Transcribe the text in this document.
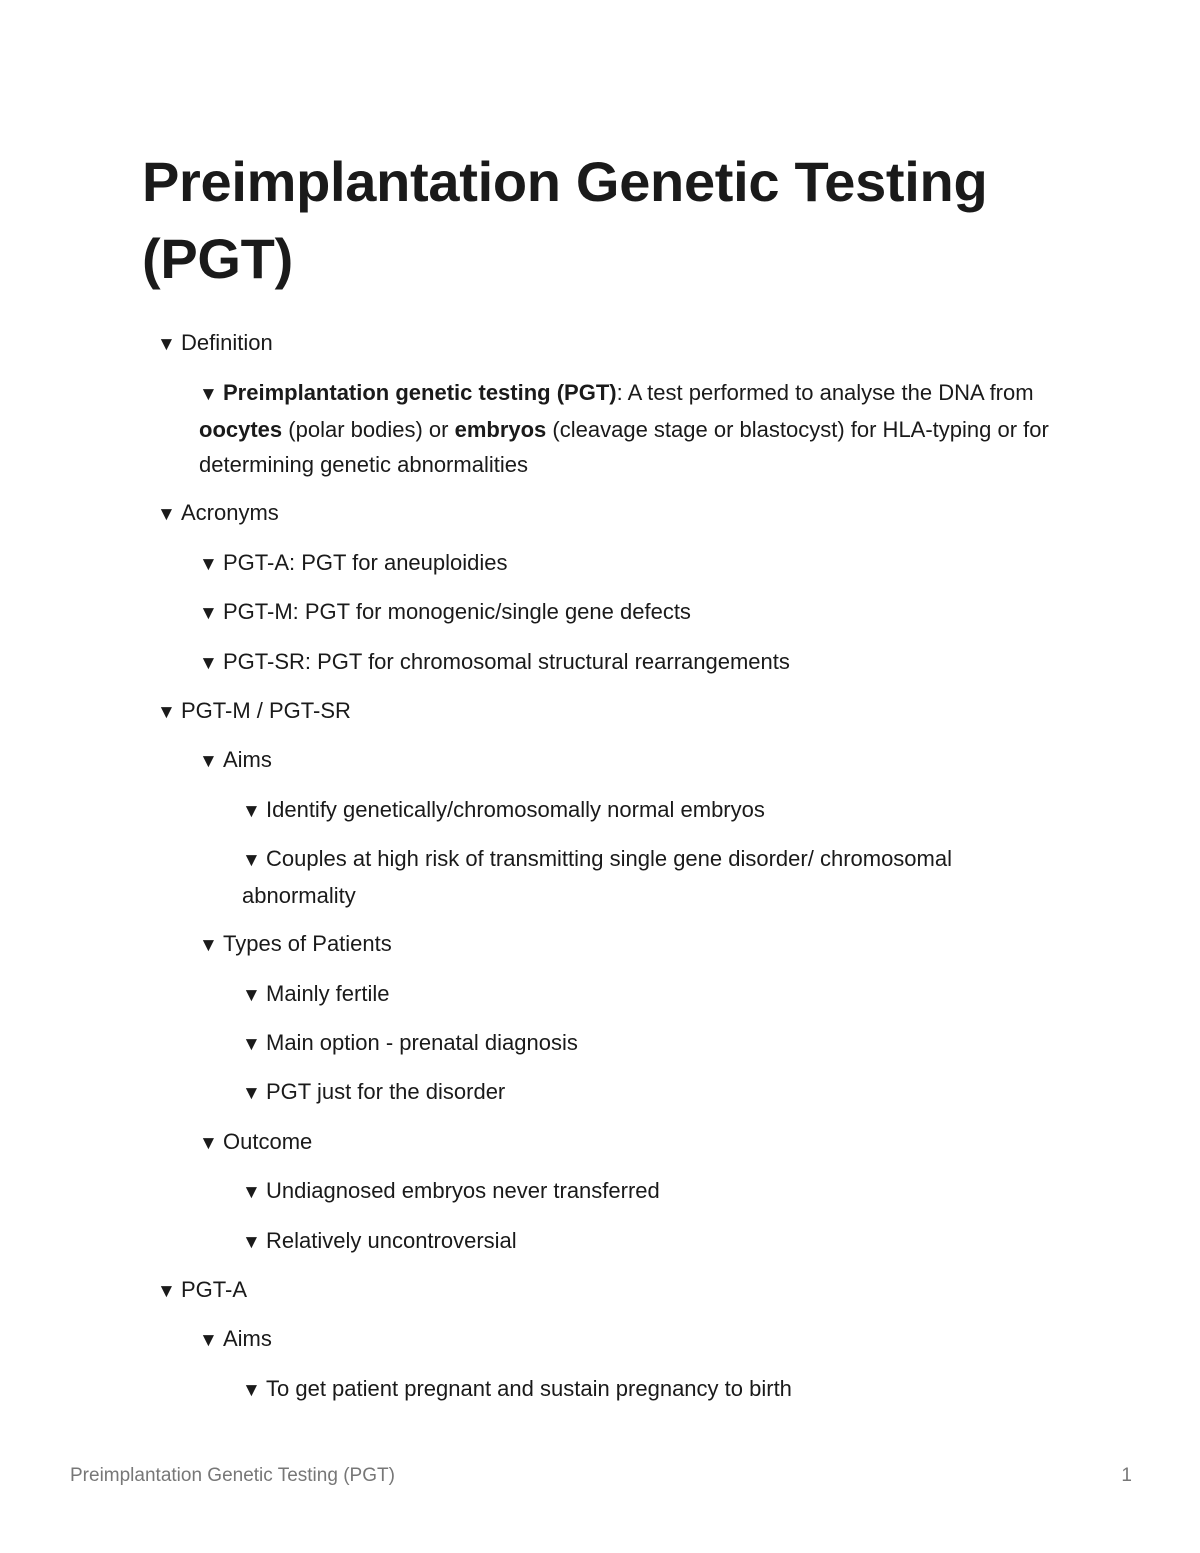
Preimplantation Genetic Testing (PGT)
▼ Definition
▼ Preimplantation genetic testing (PGT): A test performed to analyse the DNA from oocytes (polar bodies) or embryos (cleavage stage or blastocyst) for HLA-typing or for determining genetic abnormalities
▼ Acronyms
▼ PGT-A: PGT for aneuploidies
▼ PGT-M: PGT for monogenic/single gene defects
▼ PGT-SR: PGT for chromosomal structural rearrangements
▼ PGT-M / PGT-SR
▼ Aims
▼ Identify genetically/chromosomally normal embryos
▼ Couples at high risk of transmitting single gene disorder/ chromosomal abnormality
▼ Types of Patients
▼ Mainly fertile
▼ Main option - prenatal diagnosis
▼ PGT just for the disorder
▼ Outcome
▼ Undiagnosed embryos never transferred
▼ Relatively uncontroversial
▼ PGT-A
▼ Aims
▼ To get patient pregnant and sustain pregnancy to birth
Preimplantation Genetic Testing (PGT)	1
